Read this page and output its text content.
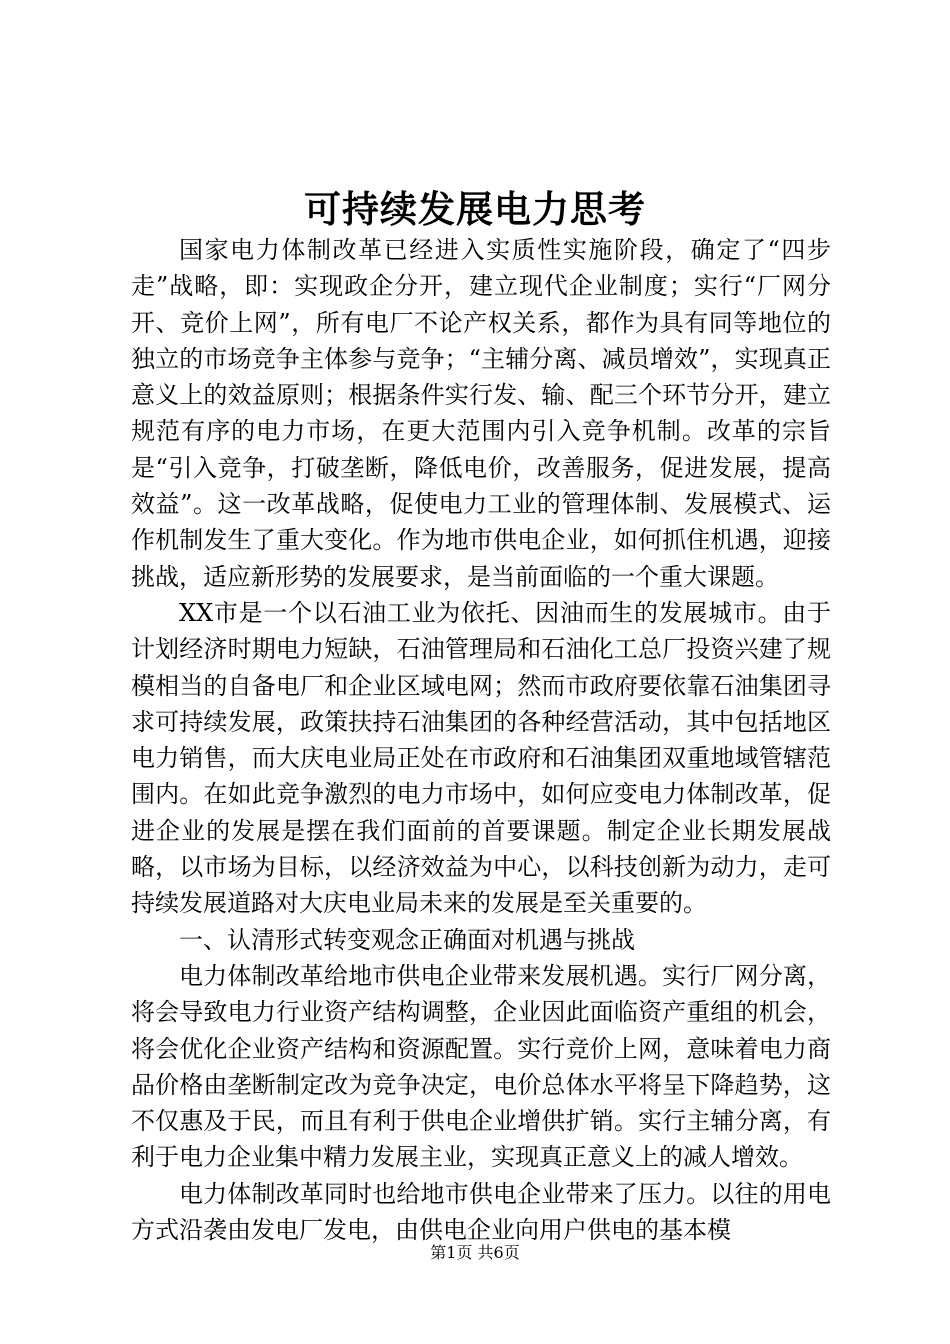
可持续发展电力思考

国家电力体制改革已经进入实质性实施阶段，确定了“四步走”战略，即：实现政企分开，建立现代企业制度；实行“厂网分开、竞价上网”，所有电厂不论产权关系，都作为具有同等地位的独立的市场竞争主体参与竞争；“主辅分离、减员增效”，实现真正意义上的效益原则；根据条件实行发、输、配三个环节分开，建立规范有序的电力市场，在更大范围内引入竞争机制。改革的宗旨是“引入竞争，打破垄断，降低电价，改善服务，促进发展，提高效益”。这一改革战略，促使电力工业的管理体制、发展模式、运作机制发生了重大变化。作为地市供电企业，如何抓住机遇，迎接挑战，适应新形势的发展要求，是当前面临的一个重大课题。

XX市是一个以石油工业为依托、因油而生的发展城市。由于计划经济时期电力短缺，石油管理局和石油化工总厂投资兴建了规模相当的自备电厂和企业区域电网；然而市政府要依靠石油集团寻求可持续发展，政策扶持石油集团的各种经营活动，其中包括地区电力销售，而大庆电业局正处在市政府和石油集团双重地域管辖范围内。在如此竞争激烈的电力市场中，如何应变电力体制改革，促进企业的发展是摆在我们面前的首要课题。制定企业长期发展战略，以市场为目标，以经济效益为中心，以科技创新为动力，走可持续发展道路对大庆电业局未来的发展是至关重要的。

一、认清形式转变观念正确面对机遇与挑战

电力体制改革给地市供电企业带来发展机遇。实行厂网分离，将会导致电力行业资产结构调整，企业因此面临资产重组的机会，将会优化企业资产结构和资源配置。实行竞价上网，意味着电力商品价格由垄断制定改为竞争决定，电价总体水平将呈下降趋势，这不仅惠及于民，而且有利于供电企业增供扩销。实行主辅分离，有利于电力企业集中精力发展主业，实现真正意义上的减人增效。

电力体制改革同时也给地市供电企业带来了压力。以往的用电方式沿袭由发电厂发电，由供电企业向用户供电的基本模

第1页 共6页
